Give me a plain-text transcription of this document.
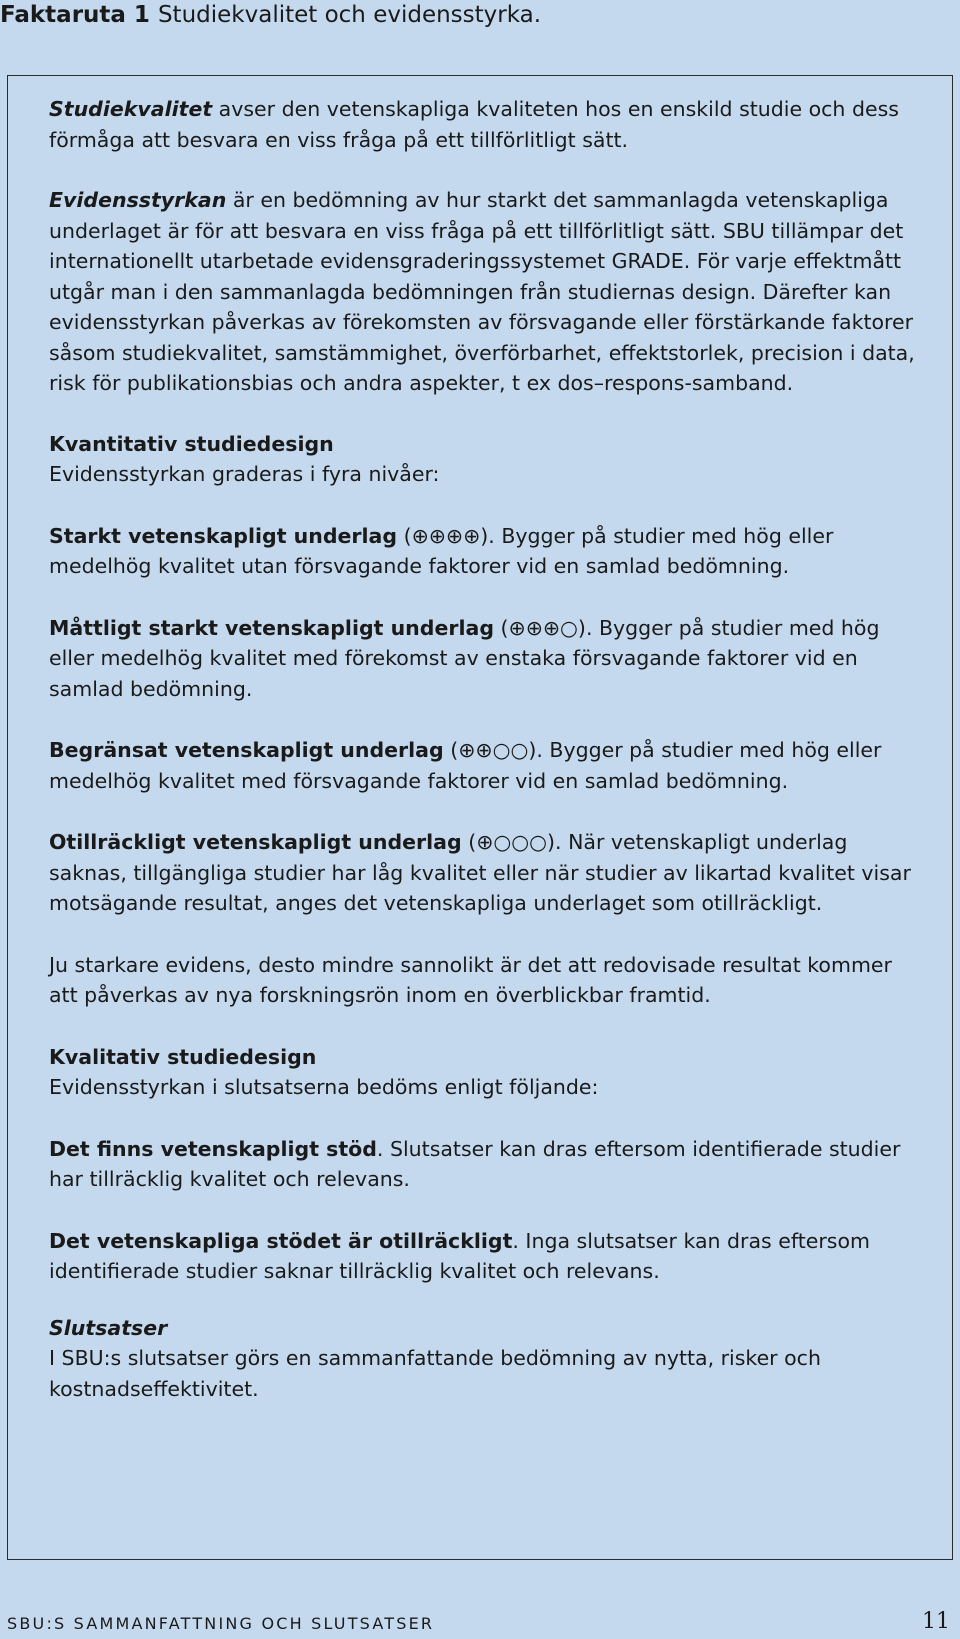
Faktaruta 1 Studiekvalitet och evidensstyrka.

Studiekvalitet avser den vetenskapliga kvaliteten hos en enskild studie och dess förmåga att besvara en viss fråga på ett tillförlitligt sätt.

Evidensstyrkan är en bedömning av hur starkt det sammanlagda vetenskapliga underlaget är för att besvara en viss fråga på ett tillförlitligt sätt. SBU tillämpar det internationellt utarbetade evidensgraderingssystemet GRADE. För varje effektmått utgår man i den sammanlagda bedömningen från studiernas design. Därefter kan evidensstyrkan påverkas av förekomsten av försvagande eller förstärkande faktorer såsom studiekvalitet, samstämmighet, överförbarhet, effektstorlek, precision i data, risk för publikationsbias och andra aspekter, t ex dos–respons-samband.

Kvantitativ studiedesign
Evidensstyrkan graderas i fyra nivåer:

Starkt vetenskapligt underlag (⊕⊕⊕⊕). Bygger på studier med hög eller medelhög kvalitet utan försvagande faktorer vid en samlad bedömning.

Måttligt starkt vetenskapligt underlag (⊕⊕⊕○). Bygger på studier med hög eller medelhög kvalitet med förekomst av enstaka försvagande faktorer vid en samlad bedömning.

Begränsat vetenskapligt underlag (⊕⊕○○). Bygger på studier med hög eller medelhög kvalitet med försvagande faktorer vid en samlad bedömning.

Otillräckligt vetenskapligt underlag (⊕○○○). När vetenskapligt underlag saknas, tillgängliga studier har låg kvalitet eller när studier av likartad kvalitet visar motsägande resultat, anges det vetenskapliga underlaget som otillräckligt.

Ju starkare evidens, desto mindre sannolikt är det att redovisade resultat kommer att påverkas av nya forskningsrön inom en överblickbar framtid.

Kvalitativ studiedesign
Evidensstyrkan i slutsatserna bedöms enligt följande:

Det finns vetenskapligt stöd. Slutsatser kan dras eftersom identifierade studier har tillräcklig kvalitet och relevans.

Det vetenskapliga stödet är otillräckligt. Inga slutsatser kan dras eftersom identifierade studier saknar tillräcklig kvalitet och relevans.

Slutsatser
I SBU:s slutsatser görs en sammanfattande bedömning av nytta, risker och kostnadseffektivitet.

SBU:S SAMMANFATTNING OCH SLUTSATSER	11
